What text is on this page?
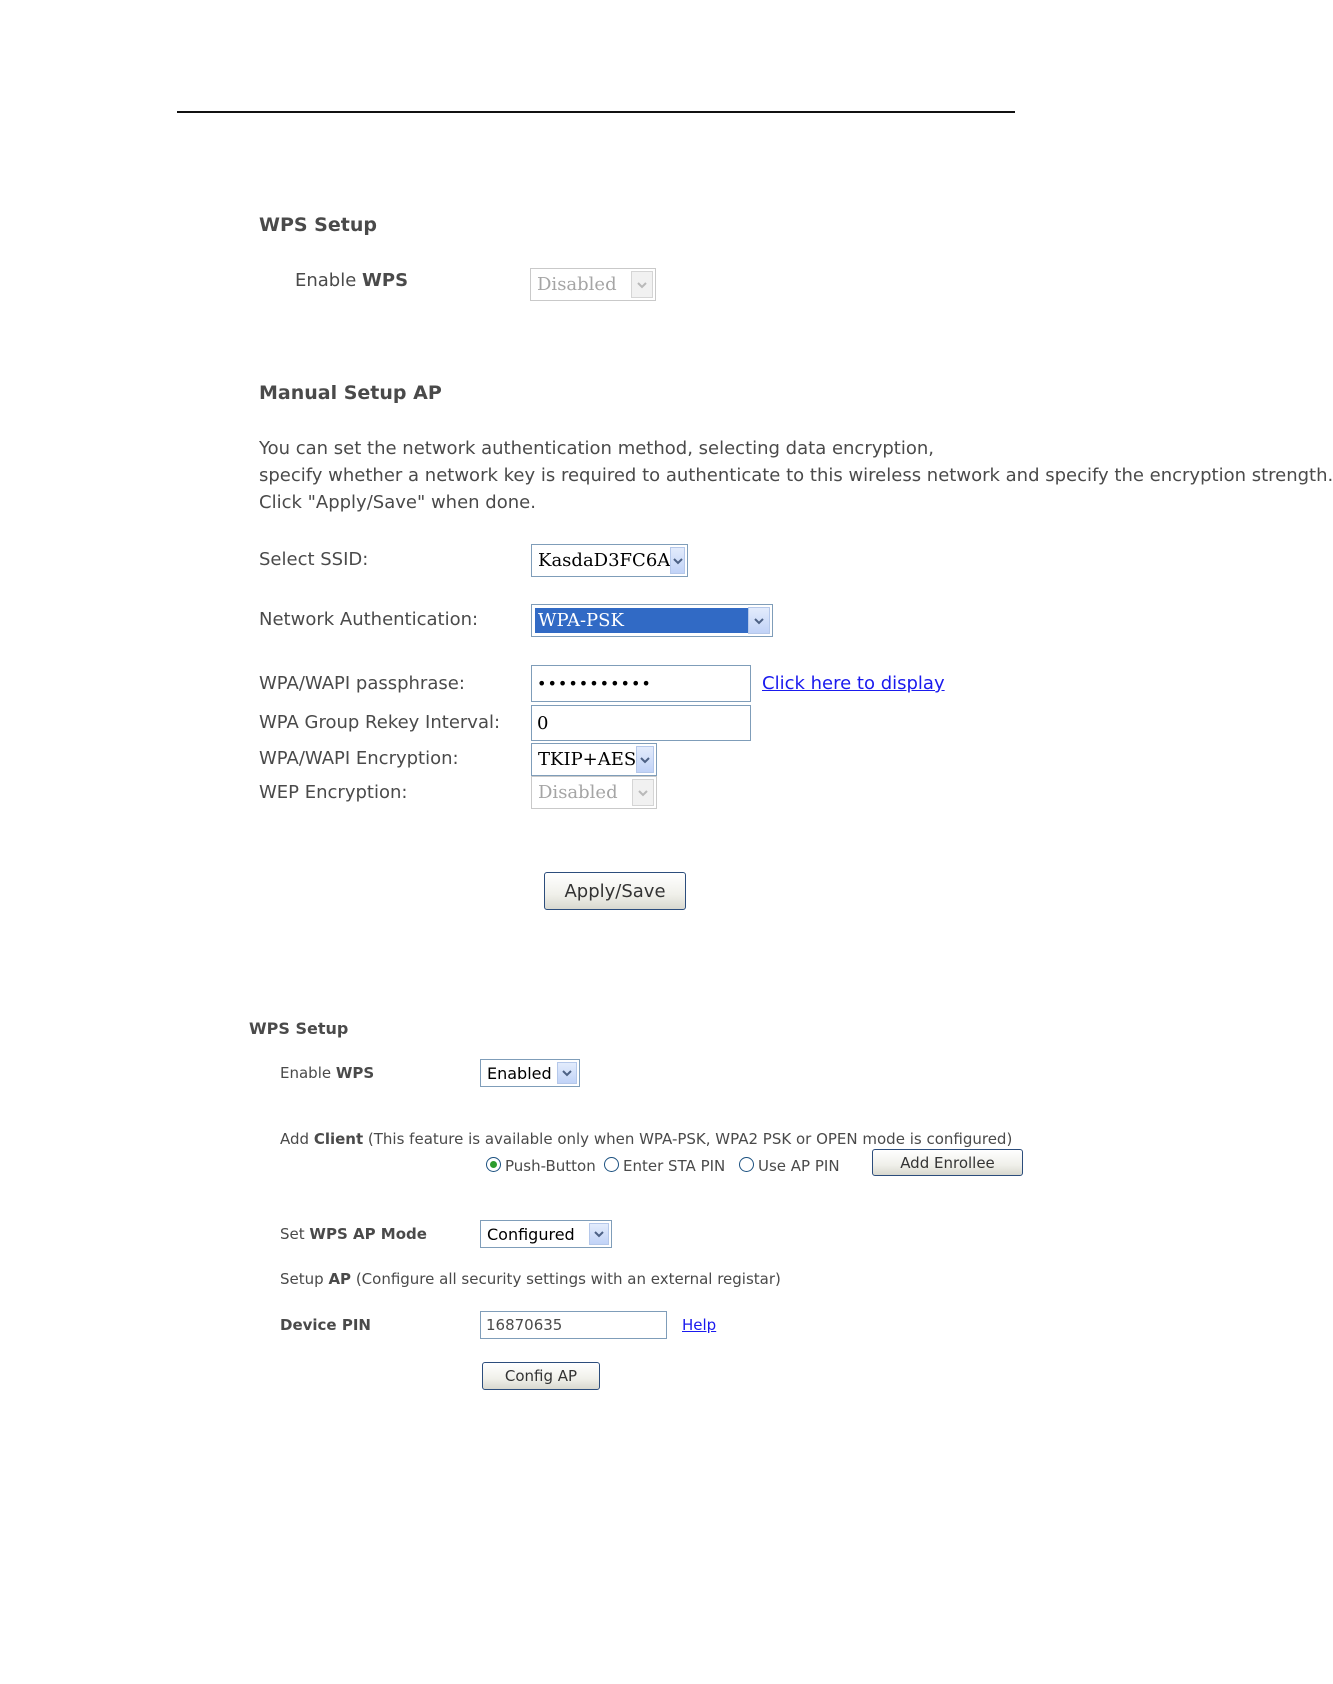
WPS Setup
Enable WPS	Disabled
Manual Setup AP
You can set the network authentication method, selecting data encryption,
specify whether a network key is required to authenticate to this wireless network and specify the encryption strength.
Click "Apply/Save" when done.
Select SSID:	KasdaD3FC6A
Network Authentication:	WPA-PSK
WPA/WAPI passphrase:	•••••••••••	Click here to display
WPA Group Rekey Interval:	0
WPA/WAPI Encryption:	TKIP+AES
WEP Encryption:	Disabled
Apply/Save
WPS Setup
Enable WPS	Enabled
Add Client (This feature is available only when WPA-PSK, WPA2 PSK or OPEN mode is configured)
Push-Button Enter STA PIN Use AP PIN	Add Enrollee
Set WPS AP Mode	Configured
Setup AP (Configure all security settings with an external registar)
Device PIN	16870635	Help
Config AP
